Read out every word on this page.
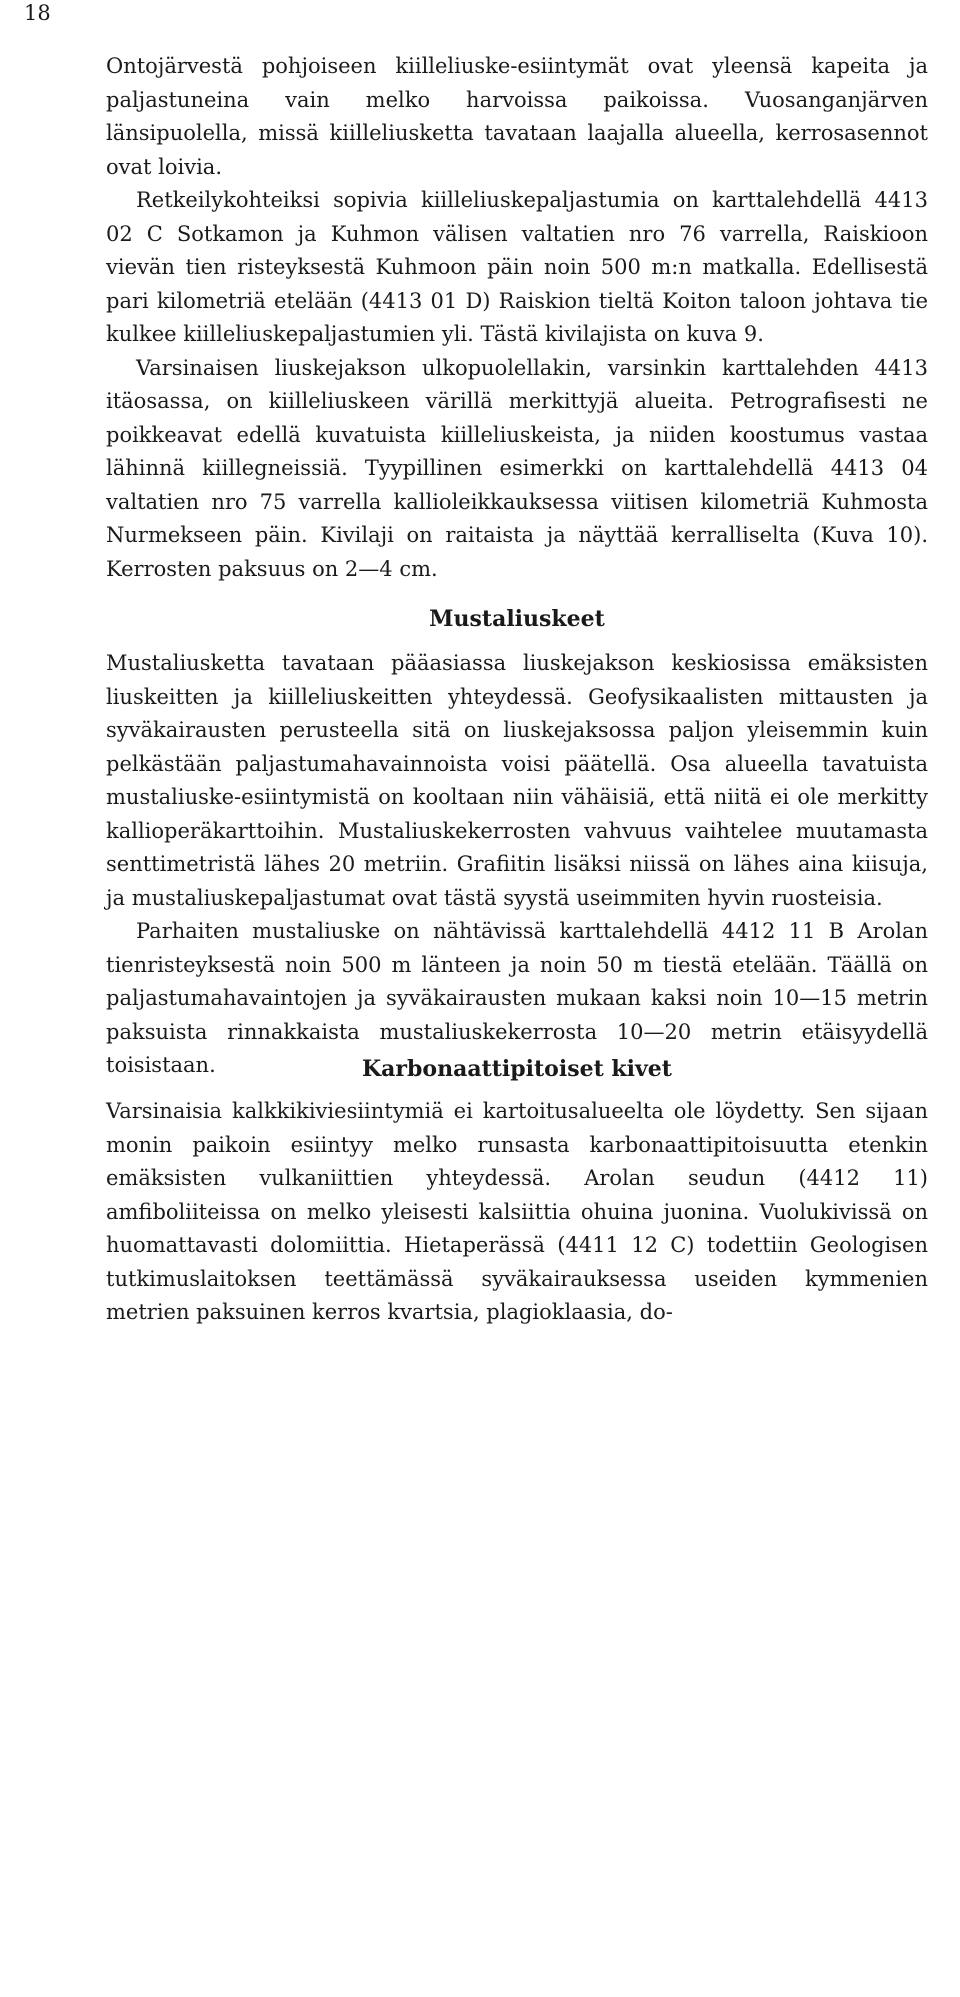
18

Ontojärvestä pohjoiseen kiilleliuske-esiintymät ovat yleensä kapeita ja paljastuneina vain melko harvoissa paikoissa. Vuosanganjärven länsipuolella, missä kiilleliusketta tavataan laajalla alueella, kerrosasennot ovat loivia.

Retkeilykohteiksi sopivia kiilleliuskepaljastumia on karttalehdellä 4413 02 C Sotkamon ja Kuhmon välisen valtatien nro 76 varrella, Raiskioon vievän tien risteyksestä Kuhmoon päin noin 500 m:n matkalla. Edellisestä pari kilometriä etelään (4413 01 D) Raiskion tieltä Koiton taloon johtava tie kulkee kiilleliuskepaljastumien yli. Tästä kivilajista on kuva 9.

Varsinaisen liuskejakson ulkopuolellakin, varsinkin karttalehden 4413 itäosassa, on kiilleliuskeen värillä merkittyjä alueita. Petrografisesti ne poikkeavat edellä kuvatuista kiilleliuskeista, ja niiden koostumus vastaa lähinnä kiillegneissiä. Tyypillinen esimerkki on karttalehdellä 4413 04 valtatien nro 75 varrella kallioleikkauksessa viitisen kilometriä Kuhmosta Nurmekseen päin. Kivilaji on raitaista ja näyttää kerralliselta (Kuva 10). Kerrosten paksuus on 2—4 cm.

Mustaliuskeet

Mustaliusketta tavataan pääasiassa liuskejakson keskiosissa emäksisten liuskeitten ja kiilleliuskeitten yhteydessä. Geofysikaalisten mittausten ja syväkairausten perusteella sitä on liuskejaksossa paljon yleisemmin kuin pelkästään paljastumahavainnoista voisi päätellä. Osa alueella tavatuista mustaliuske-esiintymistä on kooltaan niin vähäisiä, että niitä ei ole merkitty kallioperäkarttoihin. Mustaliuskekerrosten vahvuus vaihtelee muutamasta senttimetristä lähes 20 metriin. Grafiitin lisäksi niissä on lähes aina kiisuja, ja mustaliuskepaljastumat ovat tästä syystä useimmiten hyvin ruosteisia.

Parhaiten mustaliuske on nähtävissä karttalehdellä 4412 11 B Arolan tienristeyksestä noin 500 m länteen ja noin 50 m tiestä etelään. Täällä on paljastumahavaintojen ja syväkairausten mukaan kaksi noin 10—15 metrin paksuista rinnakkaista mustaliuskekerrosta 10—20 metrin etäisyydellä toisistaan.	Karbonaattipitoiset kivet

Varsinaisia kalkkikiviesiintymiä ei kartoitusalueelta ole löydetty. Sen sijaan monin paikoin esiintyy melko runsasta karbonaattipitoisuutta etenkin emäksisten vulkaniittien yhteydessä. Arolan seudun (4412 11) amfiboliiteissa on melko yleisesti kalsiittia ohuina juonina. Vuolukivissä on huomattavasti dolomiittia. Hietaperässä (4411 12 C) todettiin Geologisen tutkimuslaitoksen teettämässä syväkairauksessa useiden kymmenien metrien paksuinen kerros kvartsia, plagioklaasia, do-
